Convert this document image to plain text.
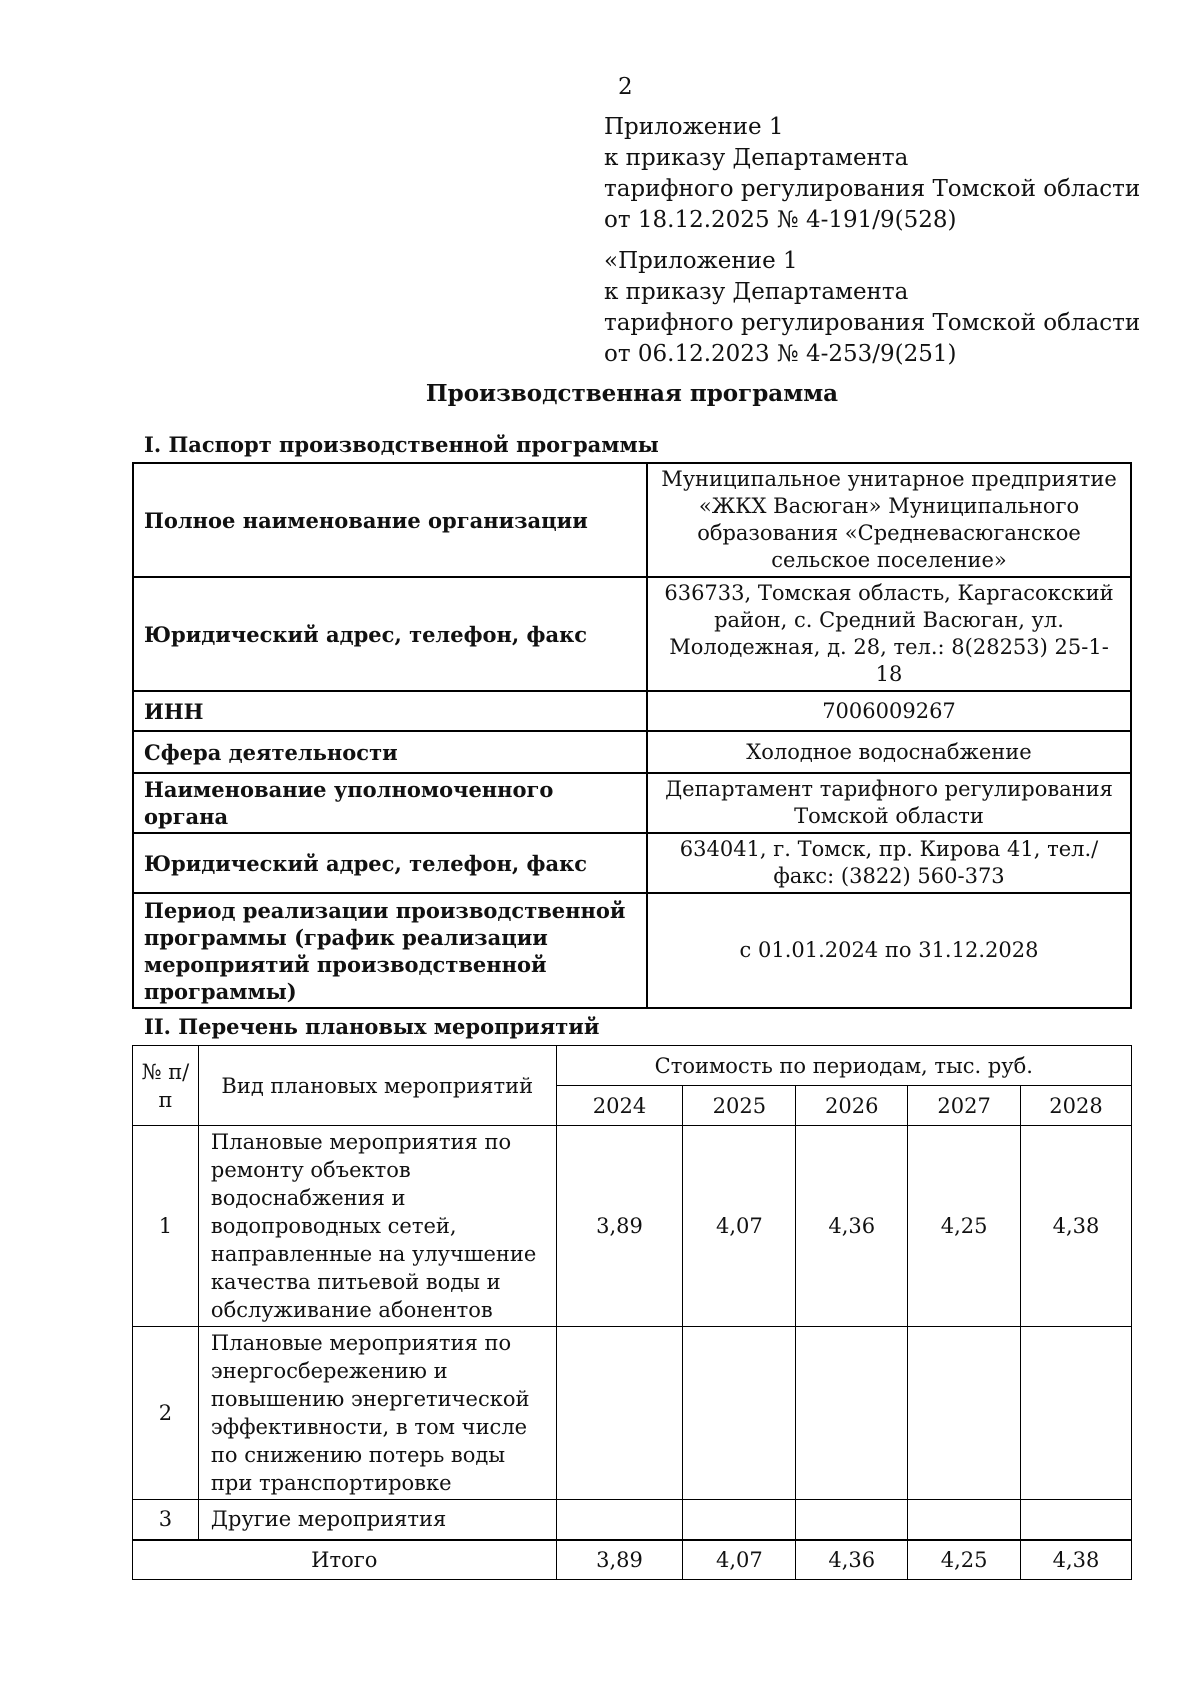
2
Приложение 1
к приказу Департамента
тарифного регулирования Томской области
от 18.12.2025 № 4-191/9(528)
«Приложение 1
к приказу Департамента
тарифного регулирования Томской области
от 06.12.2023 № 4-253/9(251)
Производственная программа
I. Паспорт производственной программы
Полное наименование организации	Муниципальное унитарное предприятие «ЖКХ Васюган» Муниципального образования «Средневасюганское сельское поселение»
Юридический адрес, телефон, факс	636733, Томская область, Каргасокский район, с. Средний Васюган, ул. Молодежная, д. 28, тел.: 8(28253) 25-1-18
ИНН	7006009267
Сфера деятельности	Холодное водоснабжение
Наименование уполномоченного органа	Департамент тарифного регулирования Томской области
Юридический адрес, телефон, факс	634041, г. Томск, пр. Кирова 41, тел./факс: (3822) 560-373
Период реализации производственной программы (график реализации мероприятий производственной программы)	с 01.01.2024 по 31.12.2028
II. Перечень плановых мероприятий
№ п/п	Вид плановых мероприятий	Стоимость по периодам, тыс. руб.				
		2024	2025	2026	2027	2028
1	Плановые мероприятия по ремонту объектов водоснабжения и водопроводных сетей, направленные на улучшение качества питьевой воды и обслуживание абонентов	3,89	4,07	4,36	4,25	4,38
2	Плановые мероприятия по энергосбережению и повышению энергетической эффективности, в том числе по снижению потерь воды при транспортировке					
3	Другие мероприятия					
Итого		3,89	4,07	4,36	4,25	4,38
